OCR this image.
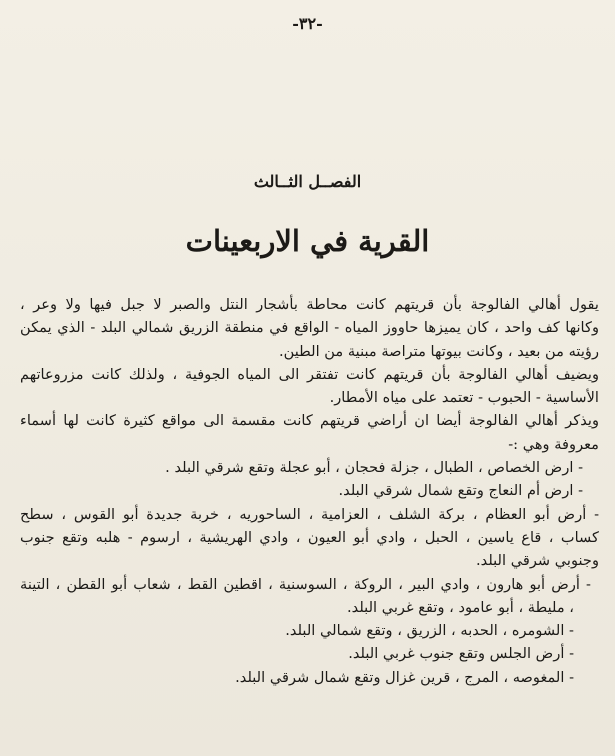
-٣٢-
الفصــل الثــالث
القرية في الاربعينات
يقول أهالي الفالوجة بأن قريتهم كانت محاطة بأشجار النتل والصبر لا جبل فيها ولا وعر ،
وكانها كف واحد ، كان يميزها حاووز المياه - الواقع في منطقة الزريق شمالي البلد - الذي يمكن
رؤيته من بعيد ، وكانت بيوتها متراصة مبنية من الطين.
ويضيف أهالي الفالوجة بأن قريتهم كانت تفتقر الى المياه الجوفية ، ولذلك كانت مزروعاتهم
الأساسية - الحبوب - تعتمد على مياه الأمطار.
ويذكر أهالي الفالوجة أيضا ان أراضي قريتهم كانت مقسمة الى مواقع كثيرة كانت لها أسماء
معروفة وهي :-
- ارض الخصاص ، الطبال ، جزلة فحجان ، أبو عجلة وتقع شرقي البلد .
- ارض أم النعاج وتقع شمال شرقي البلد.
- أرض أبو العظام ، بركة الشلف ، العزامية ، الساحوريه ، خربة جديدة أبو القوس ، سطح
كساب ، قاع ياسين ، الحبل ، وادي أبو العيون ، وادي الهريشية ، ارسوم - هلبه وتقع جنوب
وجنوبي شرقي البلد.
- أرض أبو هارون ، وادي البير ، الروكة ، السوسنية ، اقطين القط ، شعاب أبو القطن ، التينة
، مليطة ، أبو عامود ، وتقع غربي البلد.
- الشومره ، الحدبه ، الزريق ، وتقع شمالي البلد.
- أرض الجلس وتقع جنوب غربي البلد.
- المغوصه ، المرج ، قرين غزال وتقع شمال شرقي البلد.
